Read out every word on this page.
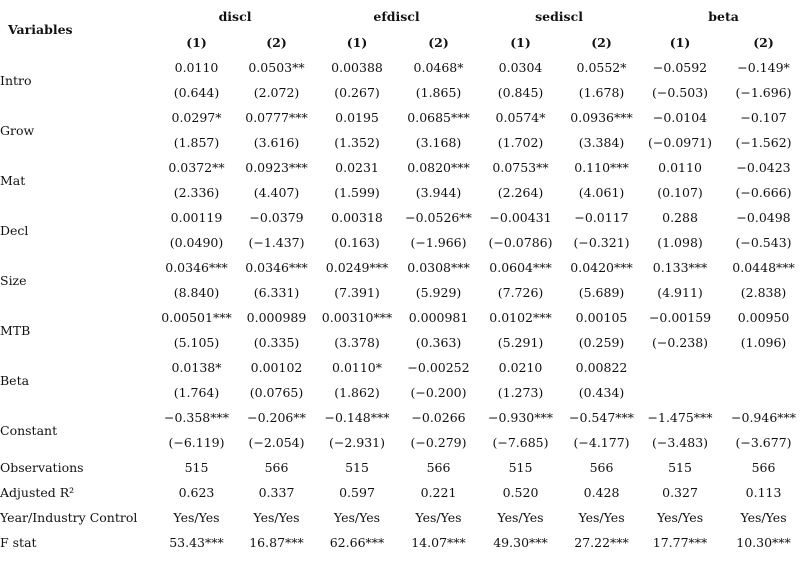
Variables	discl		efdiscl		sediscl		beta	
	(1)	(2)	(1)	(2)	(1)	(2)	(1)	(2)
Intro	0.0110	0.0503**	0.00388	0.0468*	0.0304	0.0552*	−0.0592	−0.149*
	(0.644)	(2.072)	(0.267)	(1.865)	(0.845)	(1.678)	(−0.503)	(−1.696)
Grow	0.0297*	0.0777***	0.0195	0.0685***	0.0574*	0.0936***	−0.0104	−0.107
	(1.857)	(3.616)	(1.352)	(3.168)	(1.702)	(3.384)	(−0.0971)	(−1.562)
Mat	0.0372**	0.0923***	0.0231	0.0820***	0.0753**	0.110***	0.0110	−0.0423
	(2.336)	(4.407)	(1.599)	(3.944)	(2.264)	(4.061)	(0.107)	(−0.666)
Decl	0.00119	−0.0379	0.00318	−0.0526**	−0.00431	−0.0117	0.288	−0.0498
	(0.0490)	(−1.437)	(0.163)	(−1.966)	(−0.0786)	(−0.321)	(1.098)	(−0.543)
Size	0.0346***	0.0346***	0.0249***	0.0308***	0.0604***	0.0420***	0.133***	0.0448***
	(8.840)	(6.331)	(7.391)	(5.929)	(7.726)	(5.689)	(4.911)	(2.838)
MTB	0.00501***	0.000989	0.00310***	0.000981	0.0102***	0.00105	−0.00159	0.00950
	(5.105)	(0.335)	(3.378)	(0.363)	(5.291)	(0.259)	(−0.238)	(1.096)
Beta	0.0138*	0.00102	0.0110*	−0.00252	0.0210	0.00822		
	(1.764)	(0.0765)	(1.862)	(−0.200)	(1.273)	(0.434)		
Constant	−0.358***	−0.206**	−0.148***	−0.0266	−0.930***	−0.547***	−1.475***	−0.946***
	(−6.119)	(−2.054)	(−2.931)	(−0.279)	(−7.685)	(−4.177)	(−3.483)	(−3.677)
Observations	515	566	515	566	515	566	515	566
Adjusted R²	0.623	0.337	0.597	0.221	0.520	0.428	0.327	0.113
Year/Industry Control	Yes/Yes	Yes/Yes	Yes/Yes	Yes/Yes	Yes/Yes	Yes/Yes	Yes/Yes	Yes/Yes
F stat	53.43***	16.87***	62.66***	14.07***	49.30***	27.22***	17.77***	10.30***
